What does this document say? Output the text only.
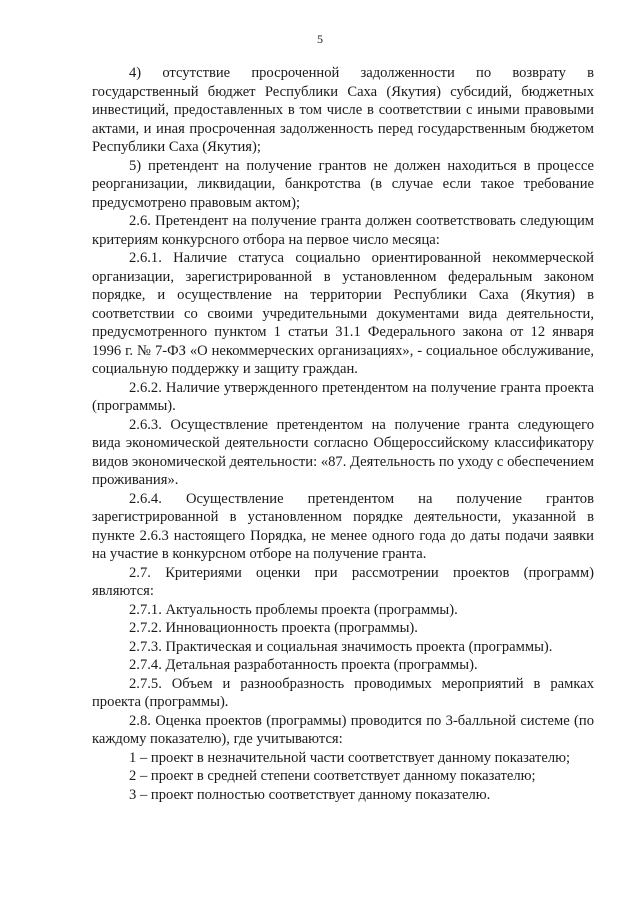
5

4) отсутствие просроченной задолженности по возврату в государственный бюджет Республики Саха (Якутия) субсидий, бюджетных инвестиций, предоставленных в том числе в соответствии с иными правовыми актами, и иная просроченная задолженность перед государственным бюджетом Республики Саха (Якутия);

5) претендент на получение грантов не должен находиться в процессе реорганизации, ликвидации, банкротства (в случае если такое требование предусмотрено правовым актом);

2.6. Претендент на получение гранта должен соответствовать следующим критериям конкурсного отбора на первое число месяца:

2.6.1. Наличие статуса социально ориентированной некоммерческой организации, зарегистрированной в установленном федеральным законом порядке, и осуществление на территории Республики Саха (Якутия) в соответствии со своими учредительными документами вида деятельности, предусмотренного пунктом 1 статьи 31.1 Федерального закона от 12 января 1996 г. № 7-ФЗ «О некоммерческих организациях», - социальное обслуживание, социальную поддержку и защиту граждан.

2.6.2. Наличие утвержденного претендентом на получение гранта проекта (программы).

2.6.3. Осуществление претендентом на получение гранта следующего вида экономической деятельности согласно Общероссийскому классификатору видов экономической деятельности: «87. Деятельность по уходу с обеспечением проживания».

2.6.4. Осуществление претендентом на получение грантов зарегистрированной в установленном порядке деятельности, указанной в пункте 2.6.3 настоящего Порядка, не менее одного года до даты подачи заявки на участие в конкурсном отборе на получение гранта.

2.7. Критериями оценки при рассмотрении проектов (программ) являются:

2.7.1. Актуальность проблемы проекта (программы).

2.7.2. Инновационность проекта (программы).

2.7.3. Практическая и социальная значимость проекта (программы).

2.7.4. Детальная разработанность проекта (программы).

2.7.5. Объем и разнообразность проводимых мероприятий в рамках проекта (программы).

2.8. Оценка проектов (программы) проводится по 3-балльной системе (по каждому показателю), где учитываются:

1 – проект в незначительной части соответствует данному показателю;

2 – проект в средней степени соответствует данному показателю;

3 – проект полностью соответствует данному показателю.
